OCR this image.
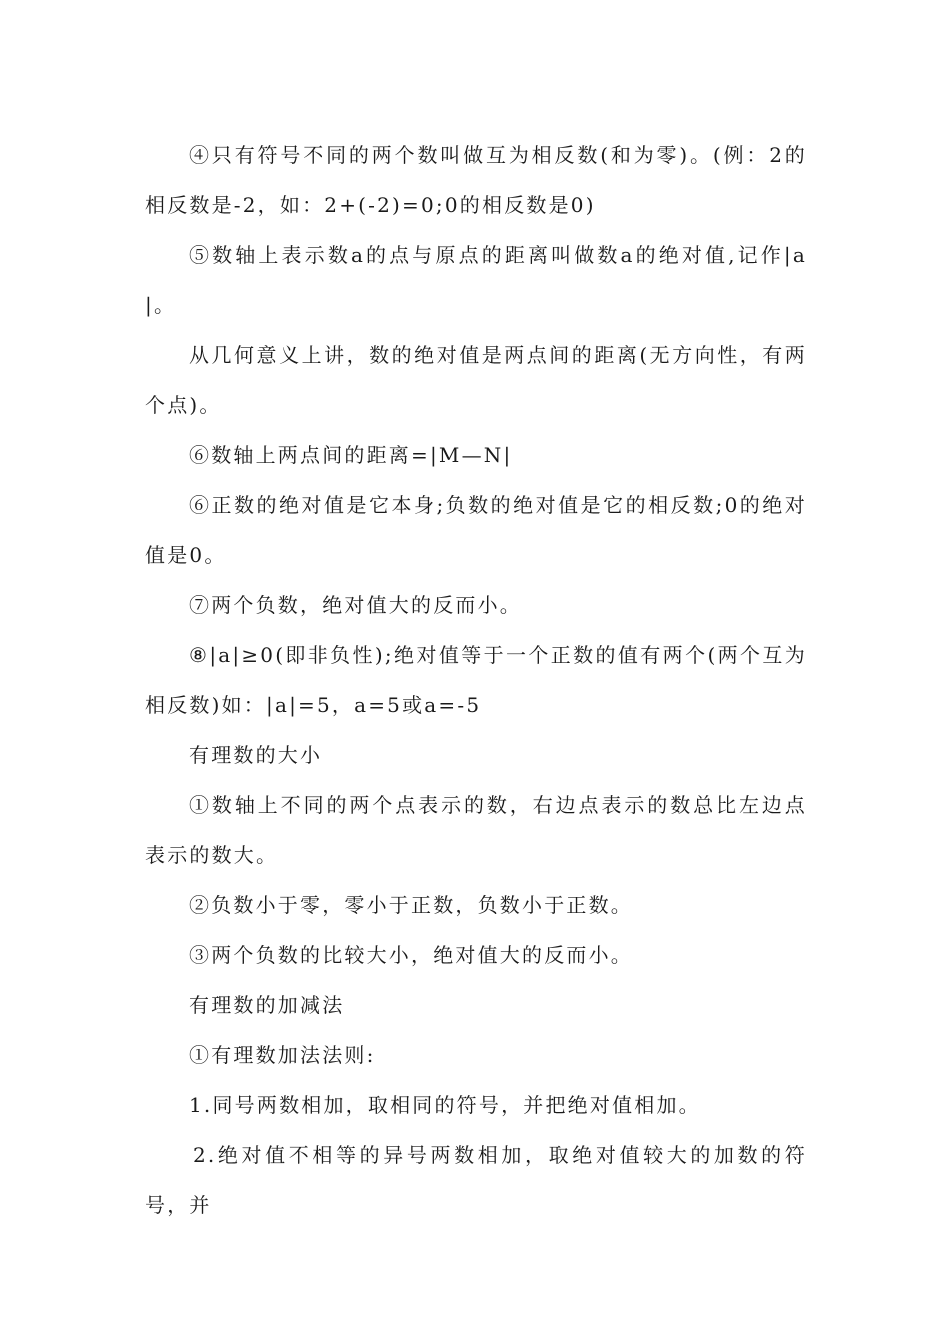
④只有符号不同的两个数叫做互为相反数(和为零)。(例：2的相反数是-2，如：2+(-2)=0;0的相反数是0)

⑤数轴上表示数a的点与原点的距离叫做数a的绝对值,记作|a|。

从几何意义上讲，数的绝对值是两点间的距离(无方向性，有两个点)。

⑥数轴上两点间的距离=|M—N|

⑥正数的绝对值是它本身;负数的绝对值是它的相反数;0的绝对值是0。

⑦两个负数，绝对值大的反而小。

⑧|a|≥0(即非负性);绝对值等于一个正数的值有两个(两个互为相反数)如：|a|=5，a=5或a=-5

有理数的大小

①数轴上不同的两个点表示的数，右边点表示的数总比左边点表示的数大。

②负数小于零，零小于正数，负数小于正数。

③两个负数的比较大小，绝对值大的反而小。

有理数的加减法

①有理数加法法则:

1.同号两数相加，取相同的符号，并把绝对值相加。

2.绝对值不相等的异号两数相加，取绝对值较大的加数的符号，并
